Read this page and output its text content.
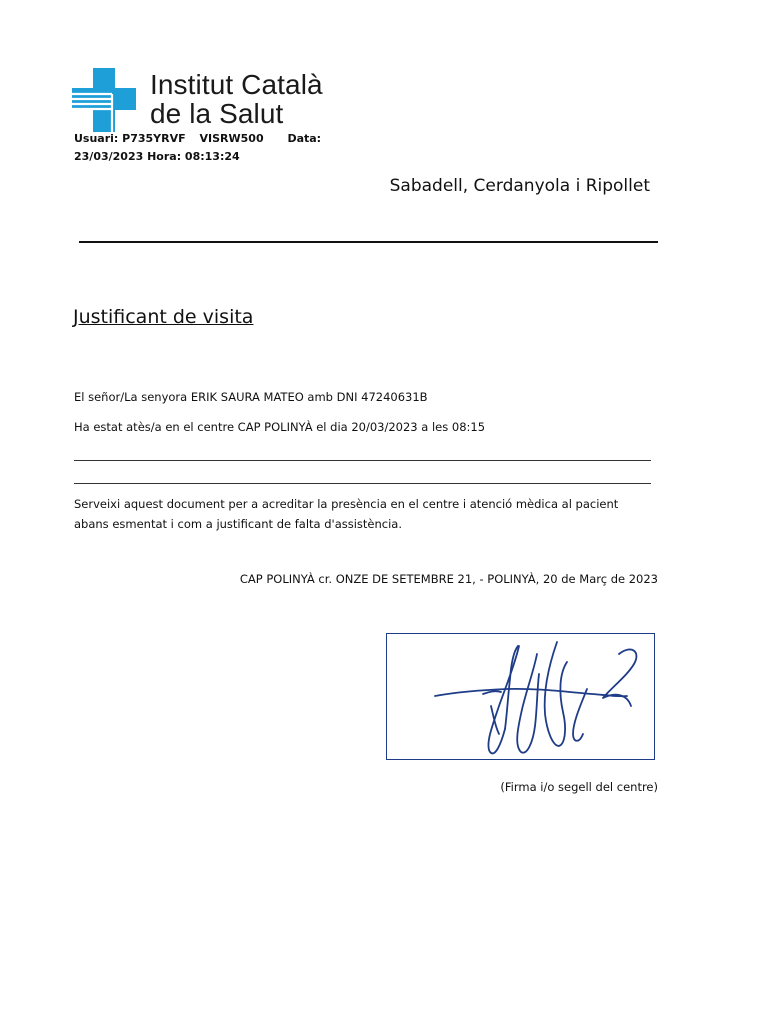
Institut Català
de la Salut
Usuari: P735YRVF VISRW500 Data:
23/03/2023 Hora: 08:13:24
Sabadell, Cerdanyola i Ripollet
Justificant de visita
El señor/La senyora ERIK SAURA MATEO amb DNI 47240631B
Ha estat atès/a en el centre CAP POLINYÀ el dia 20/03/2023 a les 08:15
Serveixi aquest document per a acreditar la presència en el centre i atenció mèdica al pacient abans esmentat i com a justificant de falta d'assistència.
CAP POLINYÀ cr. ONZE DE SETEMBRE 21, - POLINYÀ, 20 de Març de 2023
(Firma i/o segell del centre)
